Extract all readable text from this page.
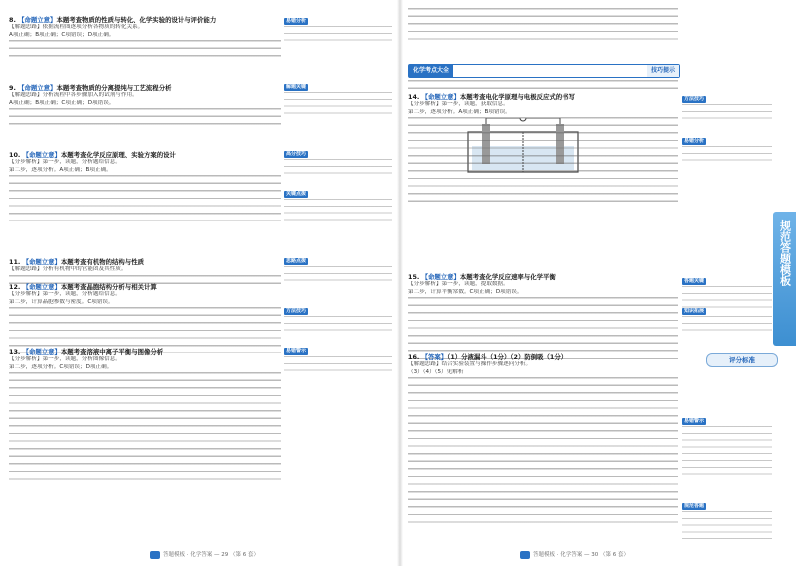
8. 【命题立意】本题考查物质的性质与转化、化学实验的设计与评价能力
【解题思路】依据流程图逐项分析各物质的转化关系。
A项正确；B项正确；C项错误；D项正确。
9. 【命题立意】本题考查物质的分离提纯与工艺流程分析
【解题思路】分析流程中各步骤加入的试剂与作用。
A项正确；B项正确；C项正确；D项错误。
10. 【命题立意】本题考查化学反应原理、实验方案的设计
【分步解析】第一步，读题，分析题给信息。
第二步，逐项分析。A项正确；B项正确。
11. 【命题立意】本题考查有机物的结构与性质
【解题思路】分析有机物中的官能团及其性质。
12. 【命题立意】本题考查晶胞结构分析与相关计算
【分步解析】第一步，读题，分析题给信息。
第二步，计算晶胞参数与密度。C项错误。
13. 【命题立意】本题考查溶液中离子平衡与图像分析
【分步解析】第一步，读题，分析图像信息。
第二步，逐项分析。C项错误；D项正确。
易错分析
解题关键
高分技巧
关键点拨
思路点拨
方法技巧
易错警示
答题模板 · 化学答案 — 29 （第 6 套）
化学考点大全	技巧提示
评分标准
14. 【命题立意】本题考查电化学原理与电极反应式的书写
【分步解析】第一步，读题，获取信息。
第二步，逐项分析。A项正确；B项错误。
15. 【命题立意】本题考查化学反应速率与化学平衡
【分步解析】第一步，读题，提取数据。
第二步，计算平衡常数。C项正确；D项错误。
16. 【答案】（1）分液漏斗（1分）（2）防倒吸（1分）
【解题思路】结合实验装置与操作步骤逐问分析。
（3）（4）（5）见解析
方法技巧
易错分析
答题关键
知识拓展
易错警示
规范答题
规范答题模板
答题模板 · 化学答案 — 30 （第 6 套）
